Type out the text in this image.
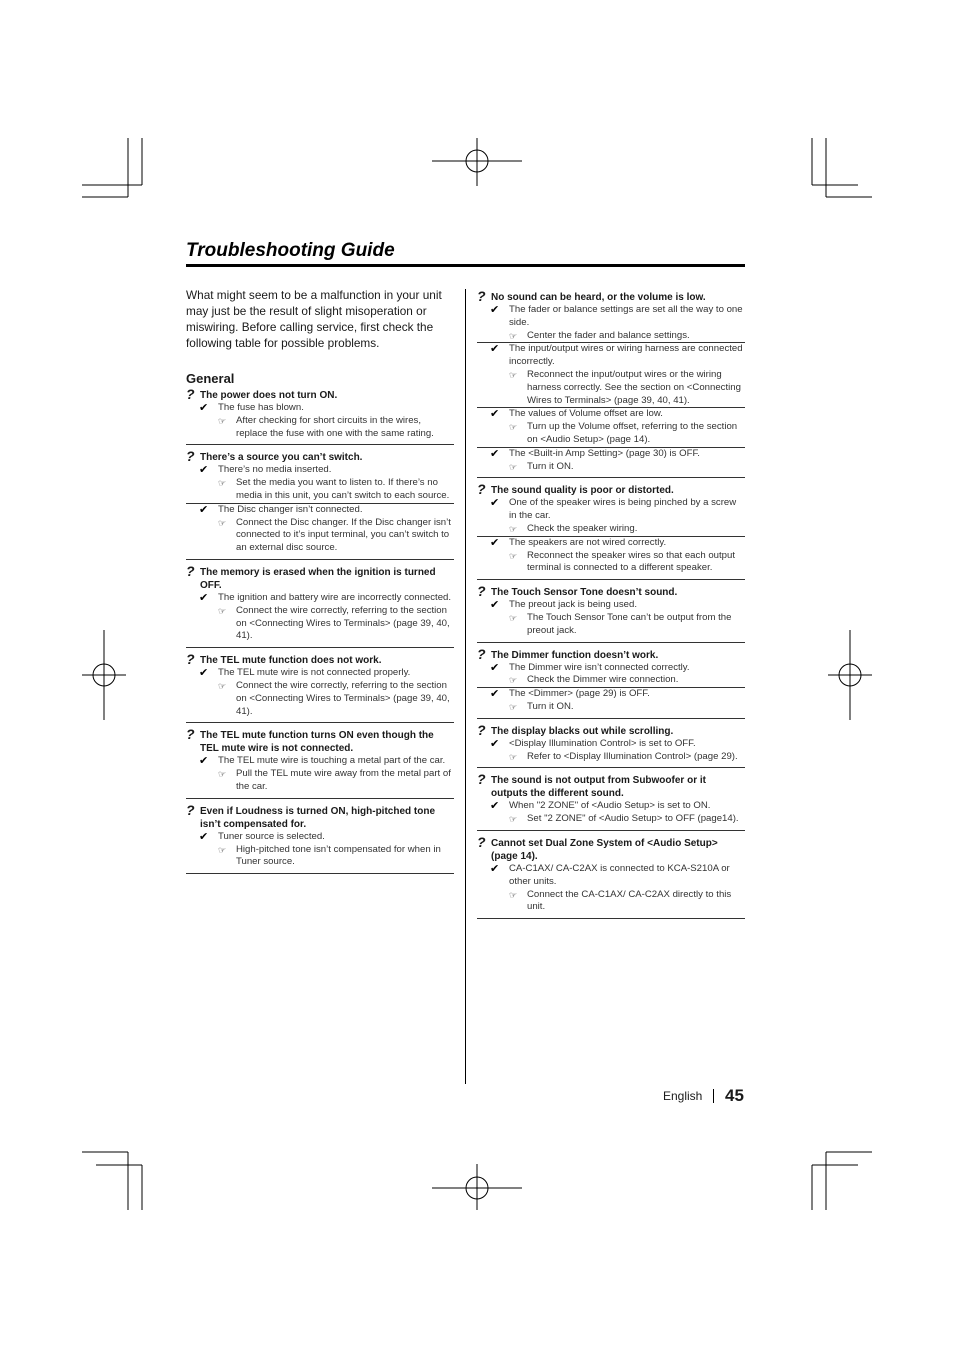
Troubleshooting Guide

What might seem to be a malfunction in your unit may just be the result of slight misoperation or miswiring. Before calling service, first check the following table for possible problems.

General
? The power does not turn ON.
✔ The fuse has blown.
☞ After checking for short circuits in the wires, replace the fuse with one with the same rating.
? There’s a source you can’t switch.
✔ There’s no media inserted.
☞ Set the media you want to listen to. If there’s no media in this unit, you can’t switch to each source.
✔ The Disc changer isn’t connected.
☞ Connect the Disc changer. If the Disc changer isn’t connected to it’s input terminal, you can’t switch to an external disc source.
? The memory is erased when the ignition is turned OFF.
✔ The ignition and battery wire are incorrectly connected.
☞ Connect the wire correctly, referring to the section on <Connecting Wires to Terminals> (page 39, 40, 41).
? The TEL mute function does not work.
✔ The TEL mute wire is not connected properly.
☞ Connect the wire correctly, referring to the section on <Connecting Wires to Terminals> (page 39, 40, 41).
? The TEL mute function turns ON even though the TEL mute wire is not connected.
✔ The TEL mute wire is touching a metal part of the car.
☞ Pull the TEL mute wire away from the metal part of the car.
? Even if Loudness is turned ON, high-pitched tone isn’t compensated for.
✔ Tuner source is selected.
☞ High-pitched tone isn’t compensated for when in Tuner source.
? No sound can be heard, or the volume is low.
✔ The fader or balance settings are set all the way to one side.
☞ Center the fader and balance settings.
✔ The input/output wires or wiring harness are connected incorrectly.
☞ Reconnect the input/output wires or the wiring harness correctly. See the section on <Connecting Wires to Terminals> (page 39, 40, 41).
✔ The values of Volume offset are low.
☞ Turn up the Volume offset, referring to the section on <Audio Setup> (page 14).
✔ The <Built-in Amp Setting> (page 30) is OFF.
☞ Turn it ON.
? The sound quality is poor or distorted.
✔ One of the speaker wires is being pinched by a screw in the car.
☞ Check the speaker wiring.
✔ The speakers are not wired correctly.
☞ Reconnect the speaker wires so that each output terminal is connected to a different speaker.
? The Touch Sensor Tone doesn’t sound.
✔ The preout jack is being used.
☞ The Touch Sensor Tone can’t be output from the preout jack.
? The Dimmer function doesn’t work.
✔ The Dimmer wire isn’t connected correctly.
☞ Check the Dimmer wire connection.
✔ The <Dimmer> (page 29) is OFF.
☞ Turn it ON.
? The display blacks out while scrolling.
✔ <Display Illumination Control> is set to OFF.
☞ Refer to <Display Illumination Control> (page 29).
? The sound is not output from Subwoofer or it outputs the different sound.
✔ When "2 ZONE" of <Audio Setup> is set to ON.
☞ Set "2 ZONE" of <Audio Setup> to OFF (page14).
? Cannot set Dual Zone System of <Audio Setup> (page 14).
✔ CA-C1AX/ CA-C2AX is connected to KCA-S210A or other units.
☞ Connect the CA-C1AX/ CA-C2AX directly to this unit.
English 45
